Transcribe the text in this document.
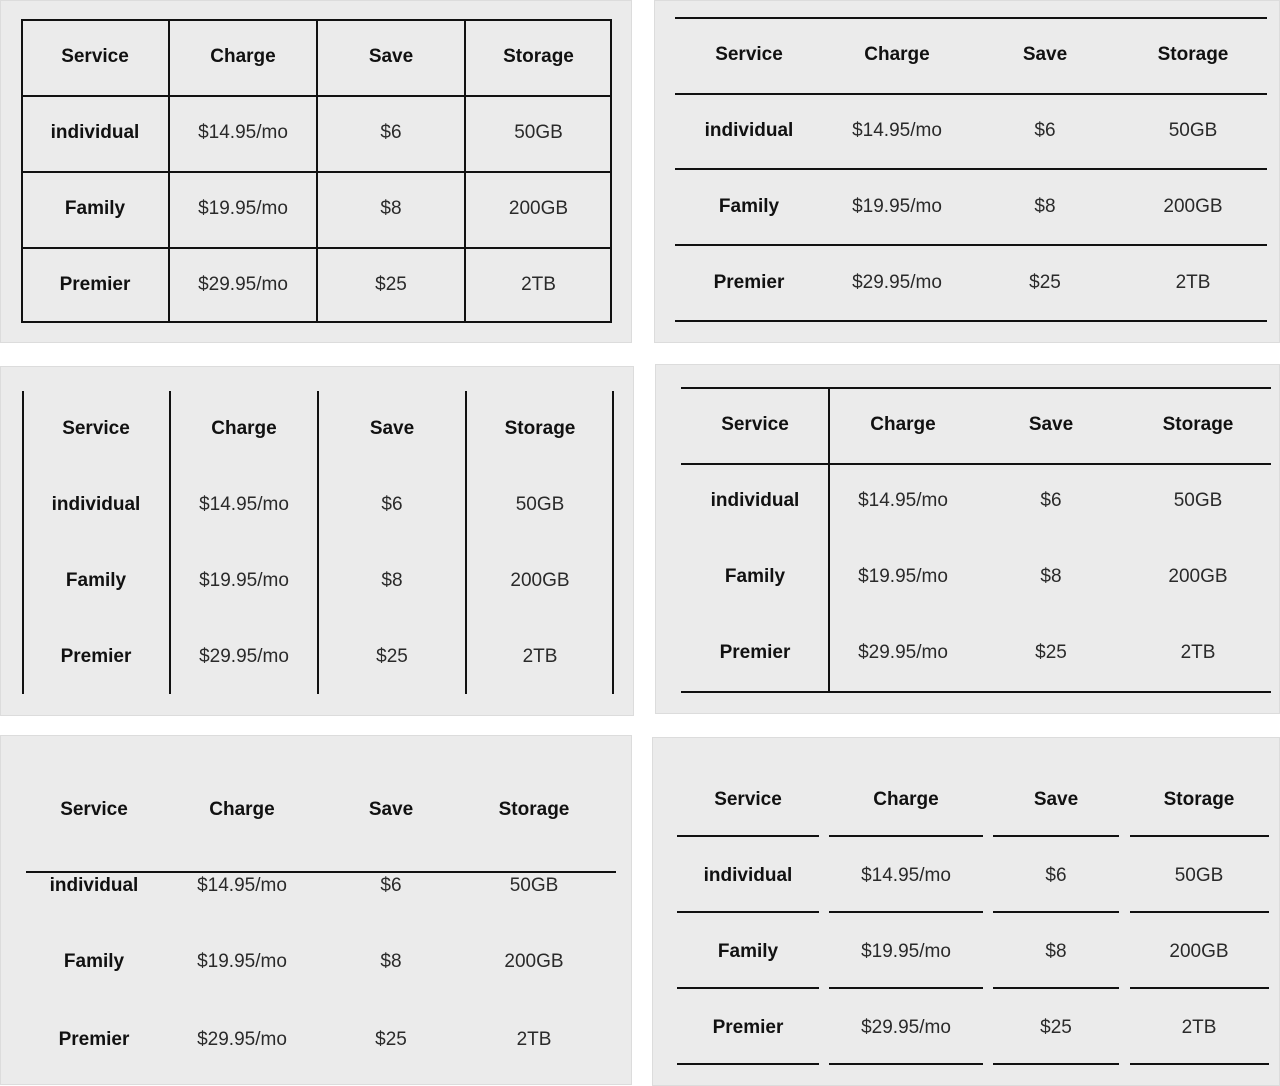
Service	Charge	Save	Storage
individual	$14.95/mo	$6	50GB
Family	$19.95/mo	$8	200GB
Premier	$29.95/mo	$25	2TB
Service	Charge	Save	Storage
individual	$14.95/mo	$6	50GB
Family	$19.95/mo	$8	200GB
Premier	$29.95/mo	$25	2TB
Service	Charge	Save	Storage
individual	$14.95/mo	$6	50GB
Family	$19.95/mo	$8	200GB
Premier	$29.95/mo	$25	2TB
Service	Charge	Save	Storage
individual	$14.95/mo	$6	50GB
Family	$19.95/mo	$8	200GB
Premier	$29.95/mo	$25	2TB
Service	Charge	Save	Storage
individual	$14.95/mo	$6	50GB
Family	$19.95/mo	$8	200GB
Premier	$29.95/mo	$25	2TB
Service	Charge	Save	Storage
individual	$14.95/mo	$6	50GB
Family	$19.95/mo	$8	200GB
Premier	$29.95/mo	$25	2TB
